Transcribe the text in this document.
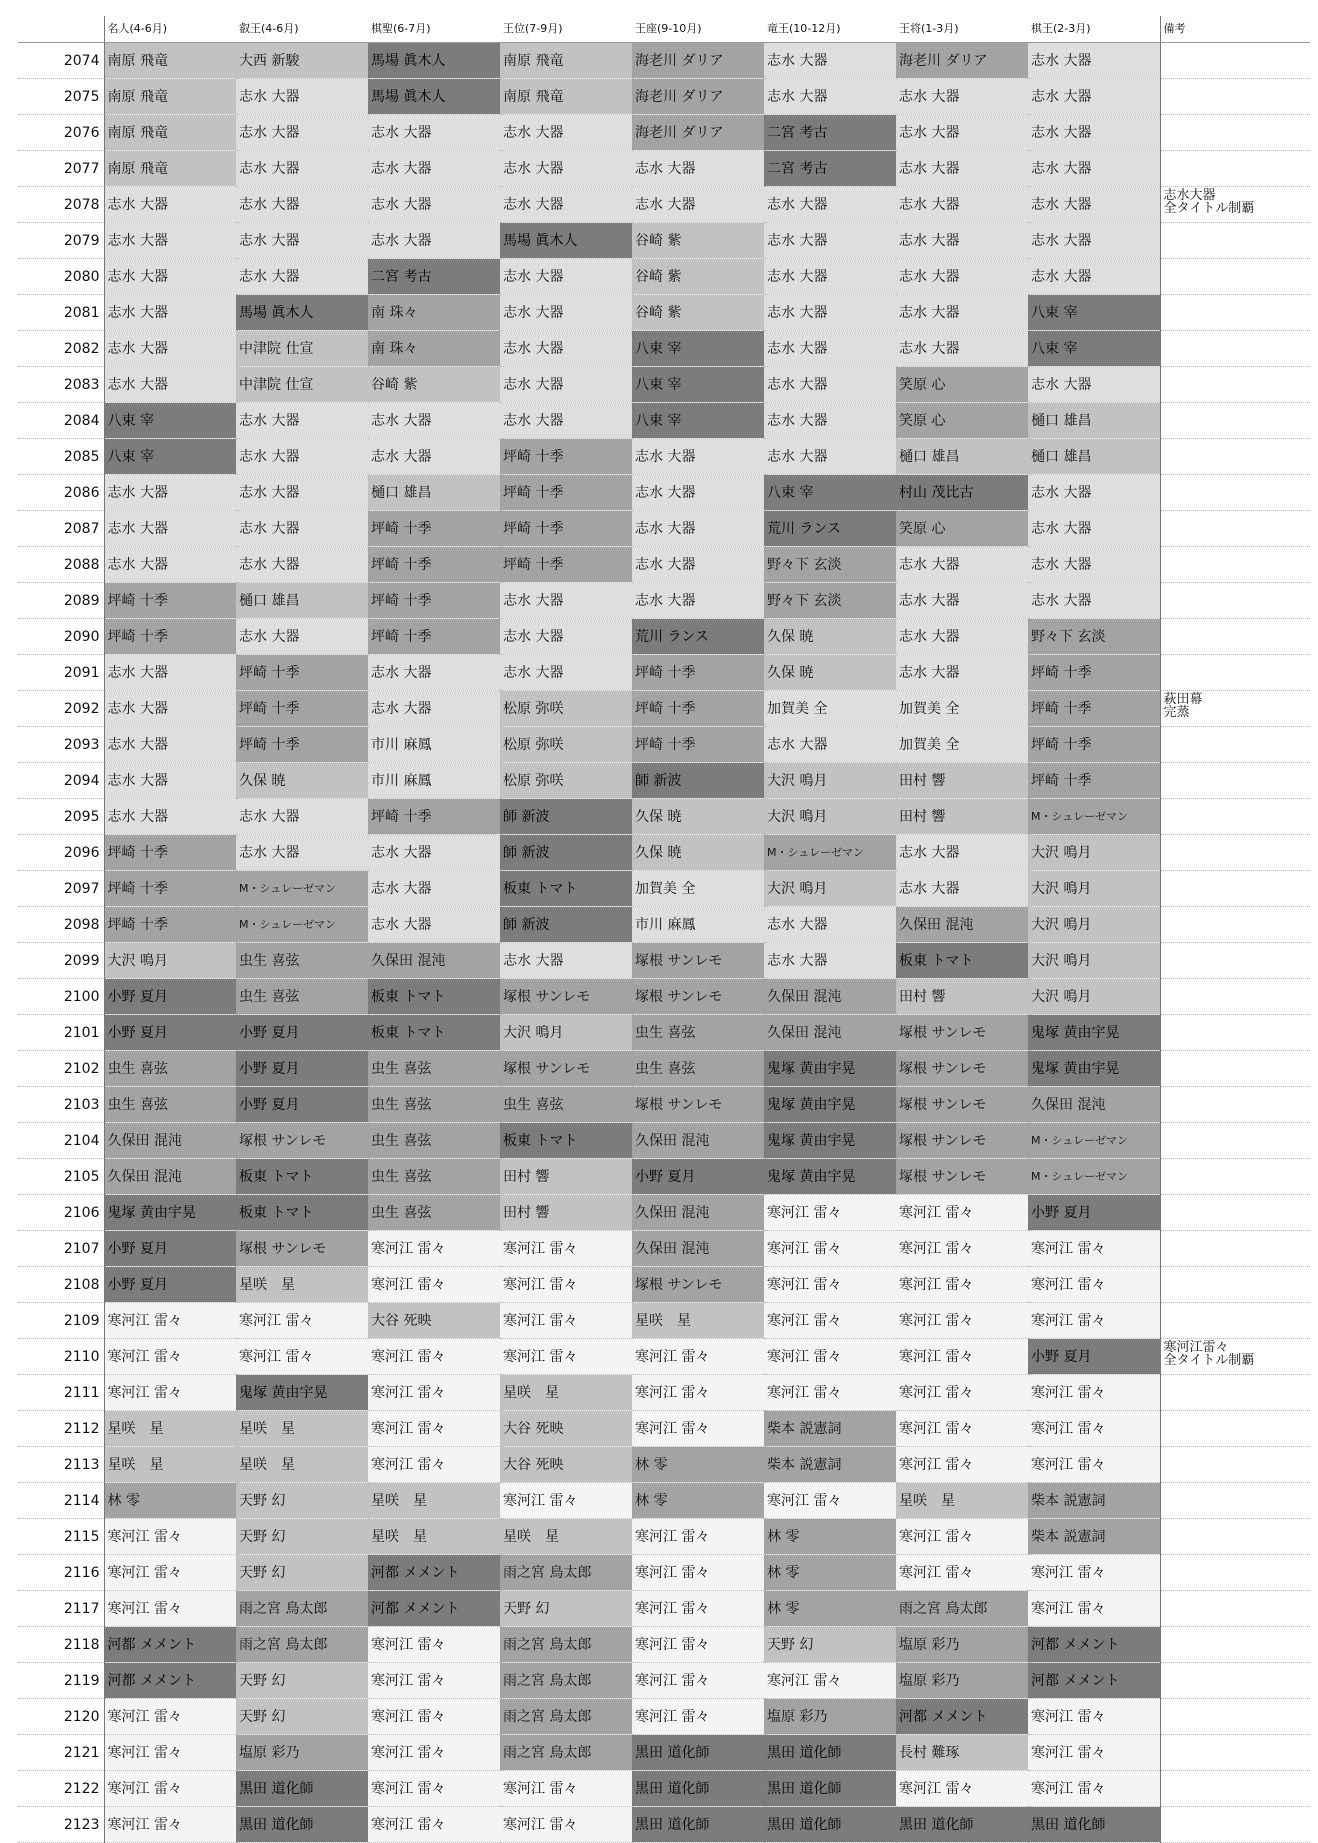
	名人(4-6月)	叡王(4-6月)	棋聖(6-7月)	王位(7-9月)	王座(9-10月)	竜王(10-12月)	王将(1-3月)	棋王(2-3月)	備考
2074	南原 飛竜	大西 新駿	馬場 眞木人	南原 飛竜	海老川 ダリア	志水 大器	海老川 ダリア	志水 大器	
2075	南原 飛竜	志水 大器	馬場 眞木人	南原 飛竜	海老川 ダリア	志水 大器	志水 大器	志水 大器	
2076	南原 飛竜	志水 大器	志水 大器	志水 大器	海老川 ダリア	二宮 考古	志水 大器	志水 大器	
2077	南原 飛竜	志水 大器	志水 大器	志水 大器	志水 大器	二宮 考古	志水 大器	志水 大器	
2078	志水 大器	志水 大器	志水 大器	志水 大器	志水 大器	志水 大器	志水 大器	志水 大器	志水大器
全タイトル制覇
2079	志水 大器	志水 大器	志水 大器	馬場 眞木人	谷崎 紫	志水 大器	志水 大器	志水 大器	
2080	志水 大器	志水 大器	二宮 考古	志水 大器	谷崎 紫	志水 大器	志水 大器	志水 大器	
2081	志水 大器	馬場 眞木人	南 珠々	志水 大器	谷崎 紫	志水 大器	志水 大器	八束 宰	
2082	志水 大器	中津院 仕宣	南 珠々	志水 大器	八束 宰	志水 大器	志水 大器	八束 宰	
2083	志水 大器	中津院 仕宣	谷崎 紫	志水 大器	八束 宰	志水 大器	笑原 心	志水 大器	
2084	八束 宰	志水 大器	志水 大器	志水 大器	八束 宰	志水 大器	笑原 心	樋口 雄昌	
2085	八束 宰	志水 大器	志水 大器	坪崎 十季	志水 大器	志水 大器	樋口 雄昌	樋口 雄昌	
2086	志水 大器	志水 大器	樋口 雄昌	坪崎 十季	志水 大器	八束 宰	村山 茂比古	志水 大器	
2087	志水 大器	志水 大器	坪崎 十季	坪崎 十季	志水 大器	荒川 ランス	笑原 心	志水 大器	
2088	志水 大器	志水 大器	坪崎 十季	坪崎 十季	志水 大器	野々下 玄淡	志水 大器	志水 大器	
2089	坪崎 十季	樋口 雄昌	坪崎 十季	志水 大器	志水 大器	野々下 玄淡	志水 大器	志水 大器	
2090	坪崎 十季	志水 大器	坪崎 十季	志水 大器	荒川 ランス	久保 暁	志水 大器	野々下 玄淡	
2091	志水 大器	坪崎 十季	志水 大器	志水 大器	坪崎 十季	久保 暁	志水 大器	坪崎 十季	
2092	志水 大器	坪崎 十季	志水 大器	松原 弥咲	坪崎 十季	加賀美 全	加賀美 全	坪崎 十季	萩田幕
完蒸
2093	志水 大器	坪崎 十季	市川 麻鳳	松原 弥咲	坪崎 十季	志水 大器	加賀美 全	坪崎 十季	
2094	志水 大器	久保 暁	市川 麻鳳	松原 弥咲	師 新波	大沢 鳴月	田村 響	坪崎 十季	
2095	志水 大器	志水 大器	坪崎 十季	師 新波	久保 暁	大沢 鳴月	田村 響	M・シュレーゼマン	
2096	坪崎 十季	志水 大器	志水 大器	師 新波	久保 暁	M・シュレーゼマン	志水 大器	大沢 鳴月	
2097	坪崎 十季	M・シュレーゼマン	志水 大器	板東 トマト	加賀美 全	大沢 鳴月	志水 大器	大沢 鳴月	
2098	坪崎 十季	M・シュレーゼマン	志水 大器	師 新波	市川 麻鳳	志水 大器	久保田 混沌	大沢 鳴月	
2099	大沢 鳴月	虫生 喜弦	久保田 混沌	志水 大器	塚根 サンレモ	志水 大器	板東 トマト	大沢 鳴月	
2100	小野 夏月	虫生 喜弦	板東 トマト	塚根 サンレモ	塚根 サンレモ	久保田 混沌	田村 響	大沢 鳴月	
2101	小野 夏月	小野 夏月	板東 トマト	大沢 鳴月	虫生 喜弦	久保田 混沌	塚根 サンレモ	鬼塚 黄由宇晃	
2102	虫生 喜弦	小野 夏月	虫生 喜弦	塚根 サンレモ	虫生 喜弦	鬼塚 黄由宇晃	塚根 サンレモ	鬼塚 黄由宇晃	
2103	虫生 喜弦	小野 夏月	虫生 喜弦	虫生 喜弦	塚根 サンレモ	鬼塚 黄由宇晃	塚根 サンレモ	久保田 混沌	
2104	久保田 混沌	塚根 サンレモ	虫生 喜弦	板東 トマト	久保田 混沌	鬼塚 黄由宇晃	塚根 サンレモ	M・シュレーゼマン	
2105	久保田 混沌	板東 トマト	虫生 喜弦	田村 響	小野 夏月	鬼塚 黄由宇晃	塚根 サンレモ	M・シュレーゼマン	
2106	鬼塚 黄由宇晃	板東 トマト	虫生 喜弦	田村 響	久保田 混沌	寒河江 雷々	寒河江 雷々	小野 夏月	
2107	小野 夏月	塚根 サンレモ	寒河江 雷々	寒河江 雷々	久保田 混沌	寒河江 雷々	寒河江 雷々	寒河江 雷々	
2108	小野 夏月	星咲　星	寒河江 雷々	寒河江 雷々	塚根 サンレモ	寒河江 雷々	寒河江 雷々	寒河江 雷々	
2109	寒河江 雷々	寒河江 雷々	大谷 死映	寒河江 雷々	星咲　星	寒河江 雷々	寒河江 雷々	寒河江 雷々	
2110	寒河江 雷々	寒河江 雷々	寒河江 雷々	寒河江 雷々	寒河江 雷々	寒河江 雷々	寒河江 雷々	小野 夏月	寒河江雷々
全タイトル制覇
2111	寒河江 雷々	鬼塚 黄由宇晃	寒河江 雷々	星咲　星	寒河江 雷々	寒河江 雷々	寒河江 雷々	寒河江 雷々	
2112	星咲　星	星咲　星	寒河江 雷々	大谷 死映	寒河江 雷々	柴本 説憲詞	寒河江 雷々	寒河江 雷々	
2113	星咲　星	星咲　星	寒河江 雷々	大谷 死映	林 零	柴本 説憲詞	寒河江 雷々	寒河江 雷々	
2114	林 零	天野 幻	星咲　星	寒河江 雷々	林 零	寒河江 雷々	星咲　星	柴本 説憲詞	
2115	寒河江 雷々	天野 幻	星咲　星	星咲　星	寒河江 雷々	林 零	寒河江 雷々	柴本 説憲詞	
2116	寒河江 雷々	天野 幻	河都 メメント	雨之宮 鳥太郎	寒河江 雷々	林 零	寒河江 雷々	寒河江 雷々	
2117	寒河江 雷々	雨之宮 鳥太郎	河都 メメント	天野 幻	寒河江 雷々	林 零	雨之宮 鳥太郎	寒河江 雷々	
2118	河都 メメント	雨之宮 鳥太郎	寒河江 雷々	雨之宮 鳥太郎	寒河江 雷々	天野 幻	塩原 彩乃	河都 メメント	
2119	河都 メメント	天野 幻	寒河江 雷々	雨之宮 鳥太郎	寒河江 雷々	寒河江 雷々	塩原 彩乃	河都 メメント	
2120	寒河江 雷々	天野 幻	寒河江 雷々	雨之宮 鳥太郎	寒河江 雷々	塩原 彩乃	河都 メメント	寒河江 雷々	
2121	寒河江 雷々	塩原 彩乃	寒河江 雷々	雨之宮 鳥太郎	黒田 道化師	黒田 道化師	長村 難琢	寒河江 雷々	
2122	寒河江 雷々	黒田 道化師	寒河江 雷々	寒河江 雷々	黒田 道化師	黒田 道化師	寒河江 雷々	寒河江 雷々	
2123	寒河江 雷々	黒田 道化師	寒河江 雷々	寒河江 雷々	黒田 道化師	黒田 道化師	黒田 道化師	黒田 道化師	
